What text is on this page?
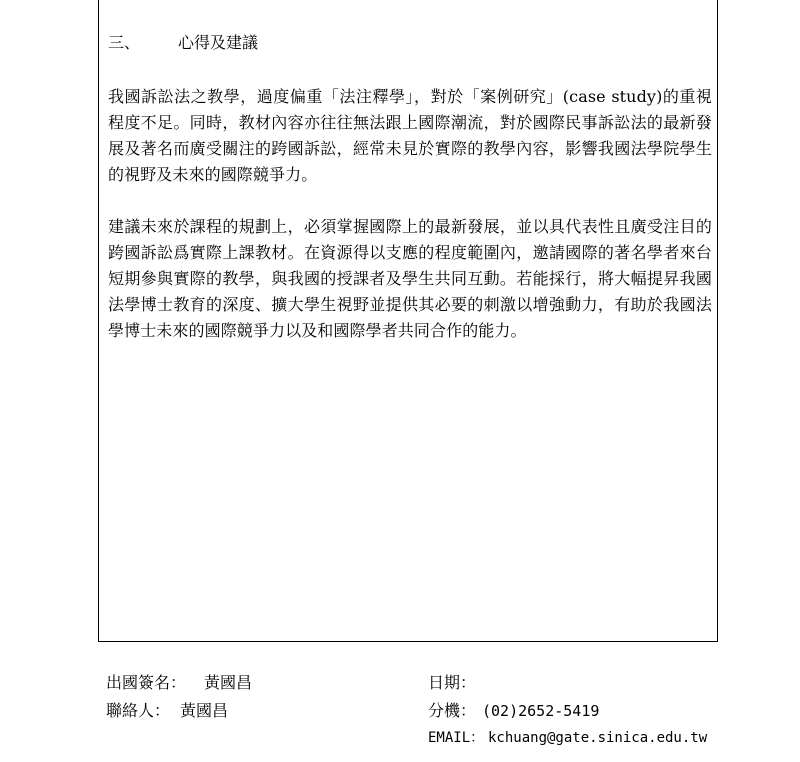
三、 心得及建議

我國訴訟法之教學，過度偏重「法注釋學」，對於「案例研究」(case study)的重視程度不足。同時，教材內容亦往往無法跟上國際潮流，對於國際民事訴訟法的最新發展及著名而廣受關注的跨國訴訟，經常未見於實際的教學內容，影響我國法學院學生的視野及未來的國際競爭力。

建議未來於課程的規劃上，必須掌握國際上的最新發展，並以具代表性且廣受注目的跨國訴訟爲實際上課教材。在資源得以支應的程度範圍內，邀請國際的著名學者來台短期參與實際的教學，與我國的授課者及學生共同互動。若能採行，將大幅提昇我國法學博士教育的深度、擴大學生視野並提供其必要的刺激以增強動力，有助於我國法學博士未來的國際競爭力以及和國際學者共同合作的能力。

出國簽名： 黃國昌
聯絡人： 黃國昌
日期：
分機： (02)2652-5419
EMAIL： kchuang@gate.sinica.edu.tw
